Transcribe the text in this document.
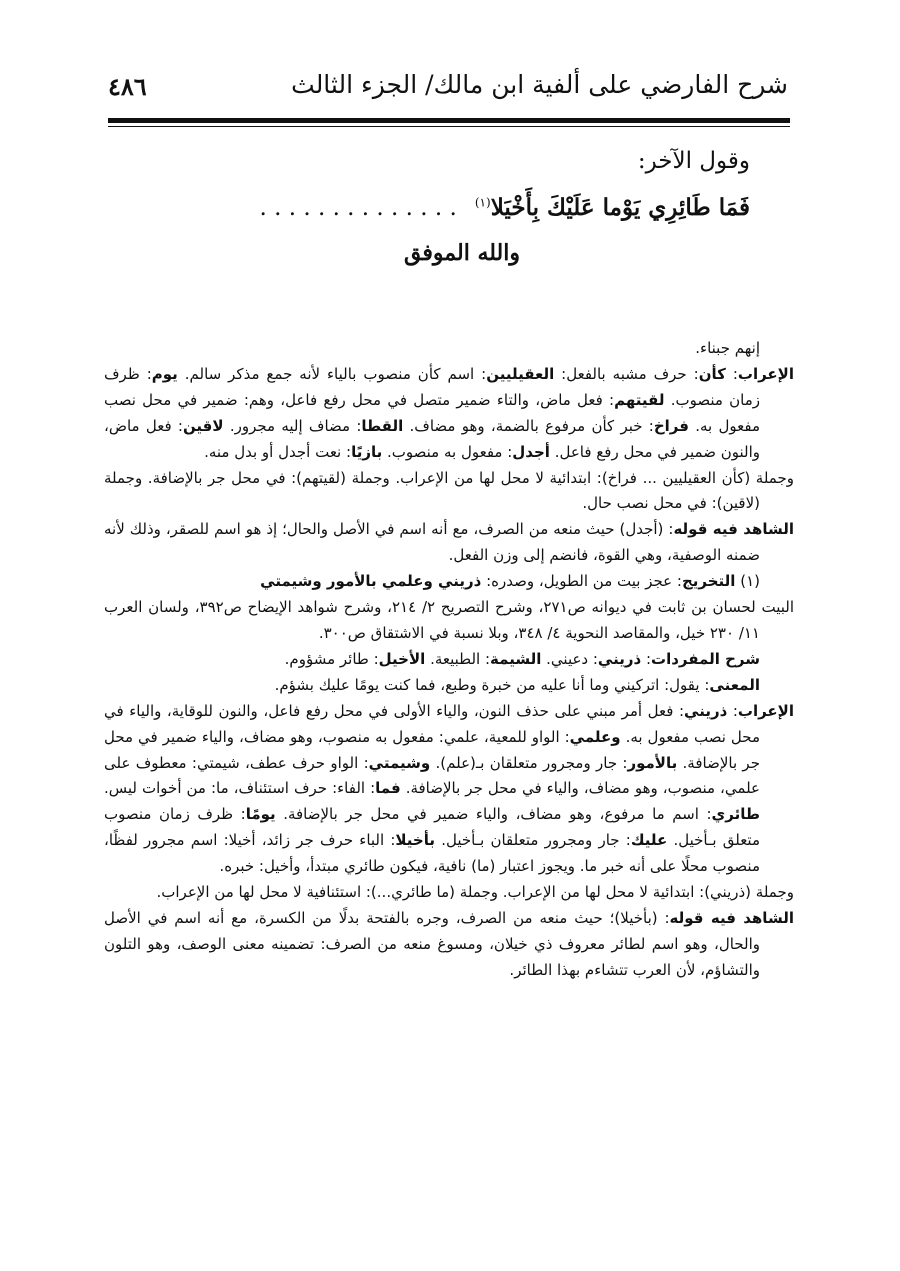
٤٨٦	شرح الفارضي على ألفية ابن مالك/ الجزء الثالث
وقول الآخر:
فَمَا طَائِرِي يَوْما عَلَيْكَ بِأَخْيَلا$^{(١)}$. . . . . . . . . . . . . .
والله الموفق

إنهم جبناء.

الإعراب: كأن: حرف مشبه بالفعل: العقيليين: اسم كأن منصوب بالياء لأنه جمع مذكر سالم. يوم: ظرف زمان منصوب. لقيتهم: فعل ماض، والتاء ضمير متصل في محل رفع فاعل، وهم: ضمير في محل نصب مفعول به. فراخ: خبر كأن مرفوع بالضمة، وهو مضاف. القطا: مضاف إليه مجرور. لاقين: فعل ماض، والنون ضمير في محل رفع فاعل. أجدل: مفعول به منصوب. بازيًا: نعت أجدل أو بدل منه.

وجملة (كأن العقيليين ... فراخ): ابتدائية لا محل لها من الإعراب. وجملة (لقيتهم): في محل جر بالإضافة. وجملة (لاقين): في محل نصب حال.

الشاهد فيه قوله: (أجدل) حيث منعه من الصرف، مع أنه اسم في الأصل والحال؛ إذ هو اسم للصقر، وذلك لأنه ضمنه الوصفية، وهي القوة، فانضم إلى وزن الفعل.

(١) التخريج: عجز بيت من الطويل، وصدره: ذريني وعلمي بالأمور وشيمتي

البيت لحسان بن ثابت في ديوانه ص٢٧١، وشرح التصريح ٢/ ٢١٤، وشرح شواهد الإيضاح ص٣٩٢، ولسان العرب ١١/ ٢٣٠ خيل، والمقاصد النحوية ٤/ ٣٤٨، وبلا نسبة في الاشتقاق ص٣٠٠.

شرح المفردات: ذريني: دعيني. الشيمة: الطبيعة. الأخيل: طائر مشؤوم.

المعنى: يقول: اتركيني وما أنا عليه من خبرة وطبع، فما كنت يومًا عليك بشؤم.

الإعراب: ذريني: فعل أمر مبني على حذف النون، والياء الأولى في محل رفع فاعل، والنون للوقاية، والياء في محل نصب مفعول به. وعلمي: الواو للمعية، علمي: مفعول به منصوب، وهو مضاف، والياء ضمير في محل جر بالإضافة. بالأمور: جار ومجرور متعلقان بـ(علم). وشيمتي: الواو حرف عطف، شيمتي: معطوف على علمي، منصوب، وهو مضاف، والياء في محل جر بالإضافة. فما: الفاء: حرف استئناف، ما: من أخوات ليس. طائري: اسم ما مرفوع، وهو مضاف، والياء ضمير في محل جر بالإضافة. يومًا: ظرف زمان منصوب متعلق بـأخيل. عليك: جار ومجرور متعلقان بـأخيل. بأخيلا: الباء حرف جر زائد، أخيلا: اسم مجرور لفظًا، منصوب محلًا على أنه خبر ما. ويجوز اعتبار (ما) نافية، فيكون طائري مبتدأ، وأخيل: خبره.

وجملة (ذريني): ابتدائية لا محل لها من الإعراب. وجملة (ما طائري...): استئنافية لا محل لها من الإعراب.

الشاهد فيه قوله: (بأخيلا)؛ حيث منعه من الصرف، وجره بالفتحة بدلًا من الكسرة، مع أنه اسم في الأصل والحال، وهو اسم لطائر معروف ذي خيلان، ومسوغ منعه من الصرف: تضمينه معنى الوصف، وهو التلون والتشاؤم، لأن العرب تتشاءم بهذا الطائر.
